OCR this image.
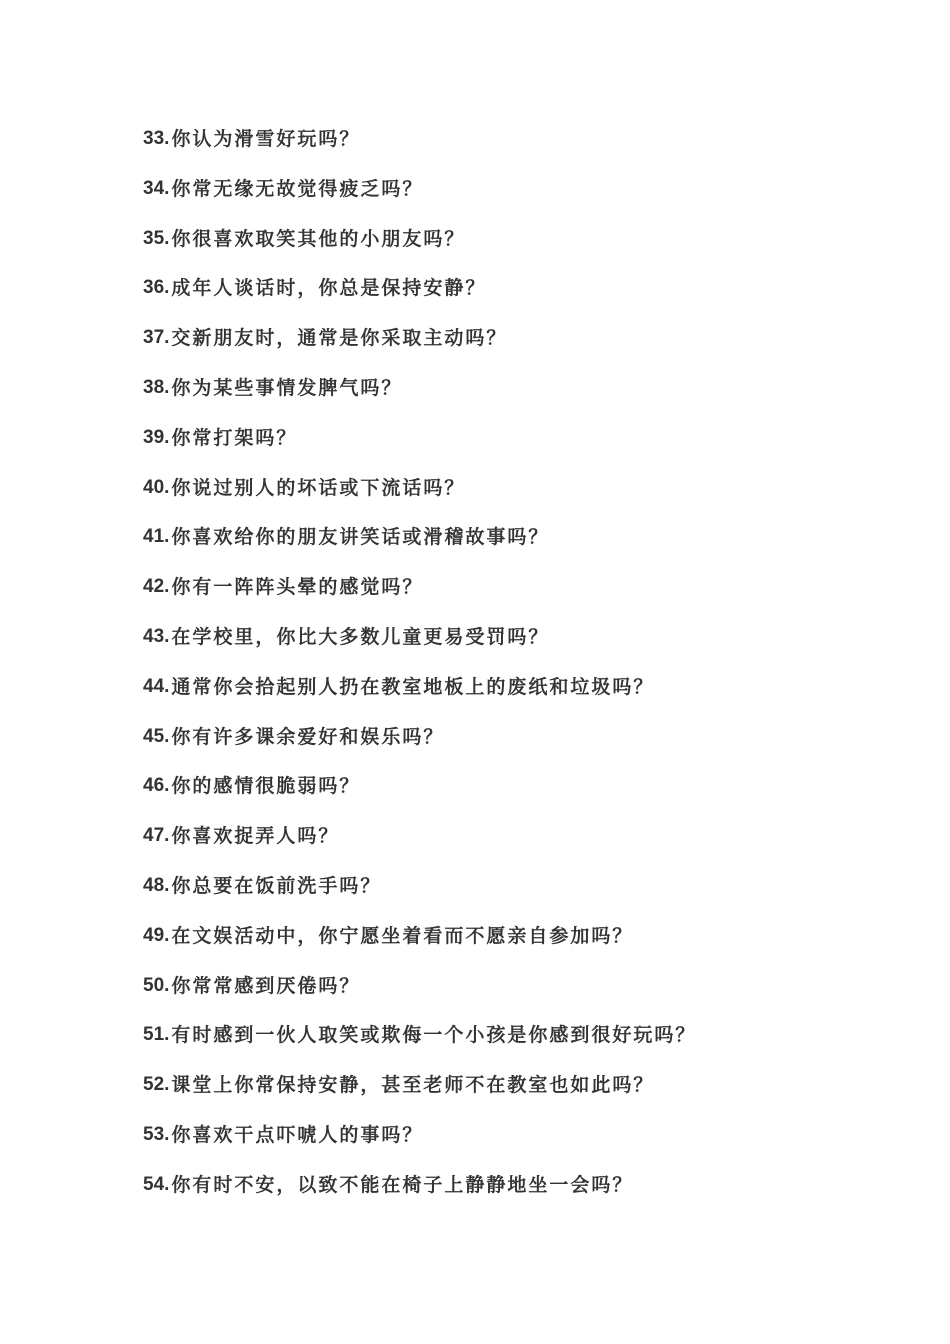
33. 你认为滑雪好玩吗？
34. 你常无缘无故觉得疲乏吗？
35. 你很喜欢取笑其他的小朋友吗？
36. 成年人谈话时，你总是保持安静？
37. 交新朋友时，通常是你采取主动吗？
38. 你为某些事情发脾气吗？
39. 你常打架吗？
40. 你说过别人的坏话或下流话吗？
41. 你喜欢给你的朋友讲笑话或滑稽故事吗？
42. 你有一阵阵头晕的感觉吗？
43. 在学校里，你比大多数儿童更易受罚吗？
44. 通常你会拾起别人扔在教室地板上的废纸和垃圾吗？
45. 你有许多课余爱好和娱乐吗？
46. 你的感情很脆弱吗？
47. 你喜欢捉弄人吗？
48. 你总要在饭前洗手吗？
49. 在文娱活动中，你宁愿坐着看而不愿亲自参加吗？
50. 你常常感到厌倦吗？
51. 有时感到一伙人取笑或欺侮一个小孩是你感到很好玩吗？
52. 课堂上你常保持安静，甚至老师不在教室也如此吗？
53. 你喜欢干点吓唬人的事吗？
54. 你有时不安，以致不能在椅子上静静地坐一会吗？
